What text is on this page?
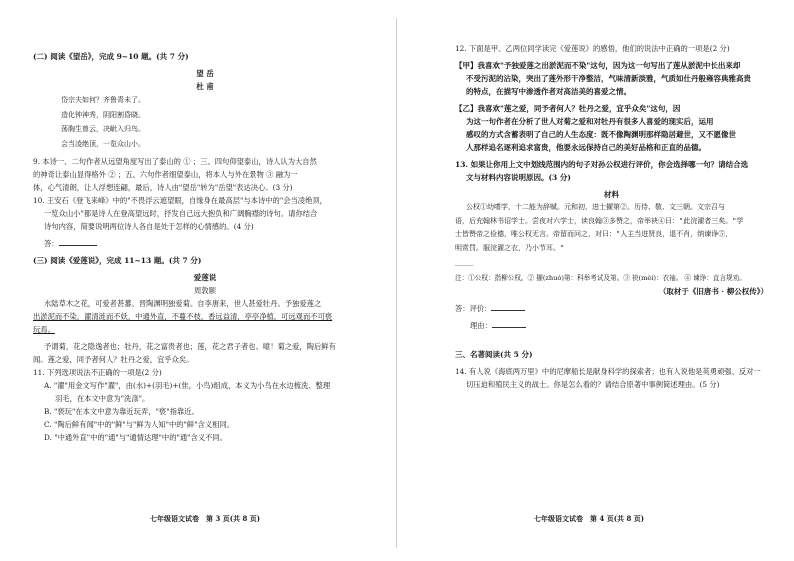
(二) 阅读《望岳》，完成 9~10 题。(共 7 分)

望 岳

杜 甫

岱宗夫如何？齐鲁青未了。

造化钟神秀，阴阳割昏晓。

荡胸生曾云，决眦入归鸟。

会当凌绝顶，一览众山小。

9. 本诗一、二句作者从远望角度写出了泰山的 ① ；三、四句仰望泰山，诗人认为大自然

的神奇让泰山显得格外 ② ；五、六句作者细望泰山，将本人与外在景物 ③ 融为一

体，心气清朗，让人浮想连翩，最后，诗人由"望岳"转为"岳望"表达决心。(3 分)

10. 王安石《登飞来峰》中的"不畏浮云遮望眼，自缘身在最高层"与本诗中的"会当凌绝顶，

一览众山小"都是诗人在登高望远时，抒发自己远大抱负和广阔胸襟的诗句。请你结合

诗句内容，简要说明两位诗人各自是处于怎样的心情感的。(4 分)

答：

(三) 阅读《爱莲说》，完成 11~13 题。(共 7 分)

爱莲说

周敦颐

水陆草木之花，可爱者甚蕃。晋陶渊明独爱菊。自李唐来，世人甚爱牡丹。予独爱莲之

出淤泥而不染，濯清涟而不妖，中通外直，不蔓不枝，香远益清，亭亭净植，可远观而不可亵

玩焉。

予谓菊，花之隐逸者也；牡丹，花之富贵者也；莲，花之君子者也。噫！菊之爱，陶后鲜有

闻。莲之爱，同予者何人？牡丹之爱，宜乎众矣。

11. 下列选项说法不正确的一项是(2 分)

A. "濯"用金文写作"濯"，由(水)+(羽毛)+(隹，小鸟)组成，本义为小鸟在水边梳洗、整理

羽毛，在本文中意为"洗涤"。

B. "亵玩"在本文中意为靠近玩弄，"亵"指靠近。

C. "陶后鲜有闻"中的"鲜"与"鲜为人知"中的"鲜"含义相同。

D. "中通外直"中的"通"与"通情达理"中的"通"含义不同。

七年级语文试卷　第 3 页(共 8 页)

12. 下面是甲、乙两位同学读完《爱莲说》的感悟，他们的说法中正确的一项是(2 分)

【甲】我喜欢"予独爱莲之出淤泥而不染"这句，因为这一句写出了莲从淤泥中长出来却

不受污泥的沾染，突出了莲外形干净整洁，气味清新淡雅，气质如仕丹般雍容典雅高贵

的特点，在描写中渗透作者对高洁美的喜爱之情。

【乙】我喜欢"莲之爱，同予者何人？牡丹之爱，宜乎众矣"这句，因

为这一句作者在分析了世人对菊之爱和对牡丹有很多人喜爱的现实后，运用

感叹的方式含蓄表明了自己的人生态度：既不像陶渊明那样隐居避世，又不愿像世

人那样追名逐利追求富贵，他要永远保持自己的美好品格和正直的品德。

13. 如果让你用上文中划线范围内的句子对孙公权进行评价，你会选择哪一句？请结合选

文与材料内容说明原因。(3 分)

材料

公权①幼嗜学，十二能为辞赋。元和初，进士擢第②。历侍、敬、文三朝。文宗召与

语，后充翰林书诏学士。尝夜对六学士，读良翰③多赞之，帝举袂④曰："此浣濯者三矣。"学

士皆赞帝之俭德，唯公权无言。帝留而问之，对曰："人主当进贤良，退不肖，纳谏诤⑤，

明赏罚。服浣濯之衣，乃小节耳。"

_____

注：①公权：指柳公权。② 擢(zhuó)第：科举考试及第。③ 袂(mèi)：衣袖。 ④ 谏诤：直言规劝。

（取材于《旧唐书 · 柳公权传》）

答：评价：

理由：

三、名著阅读(共 5 分)

14. 有人说《海底两万里》中的尼摩船长是献身科学的探索者；也有人说他是英勇顽强、反对一

切压迫和殖民主义的战士。你是怎么看的？请结合原著中事例简述理由。(5 分)

七年级语文试卷　第 4 页(共 8 页)
